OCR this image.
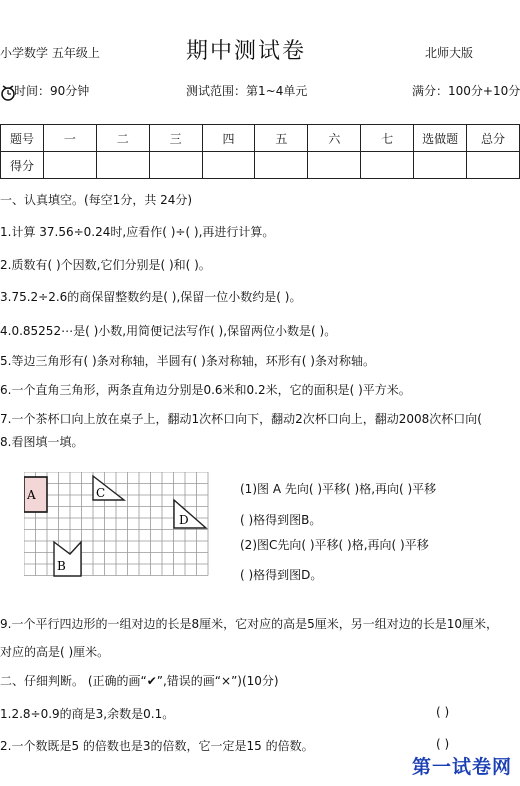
小学数学 五年级上	期中测试卷	北师大版
时间：90分钟	测试范围：第1~4单元	满分：100分+10分
题号	一	二	三	四	五	六	七	选做题	总分
得分									
一、认真填空。(每空1分，共 24分)
1.计算 37.56÷0.24时,应看作( )÷( ),再进行计算。
2.质数有( )个因数,它们分别是( )和( )。
3.75.2÷2.6的商保留整数约是( ),保留一位小数约是( )。
4.0.85252⋯是( )小数,用简便记法写作( ),保留两位小数是( )。
5.等边三角形有( )条对称轴，半圆有( )条对称轴，环形有( )条对称轴。
6.一个直角三角形，两条直角边分别是0.6米和0.2米，它的面积是( )平方米。
7.一个茶杯口向上放在桌子上，翻动1次杯口向下，翻动2次杯口向上，翻动2008次杯口向(
8.看图填一填。
A	C
D
B
(1)图 A 先向( )平移( )格,再向( )平移
( )格得到图B。
(2)图C先向( )平移( )格,再向( )平移
( )格得到图D。
9.一个平行四边形的一组对边的长是8厘米，它对应的高是5厘米，另一组对边的长是10厘米，
对应的高是( )厘米。
二、仔细判断。 (正确的画“✔”,错误的画“×”)(10分)
1.2.8÷0.9的商是3,余数是0.1。	( )
2.一个数既是5 的倍数也是3的倍数，它一定是15 的倍数。	( )
第一试卷网
